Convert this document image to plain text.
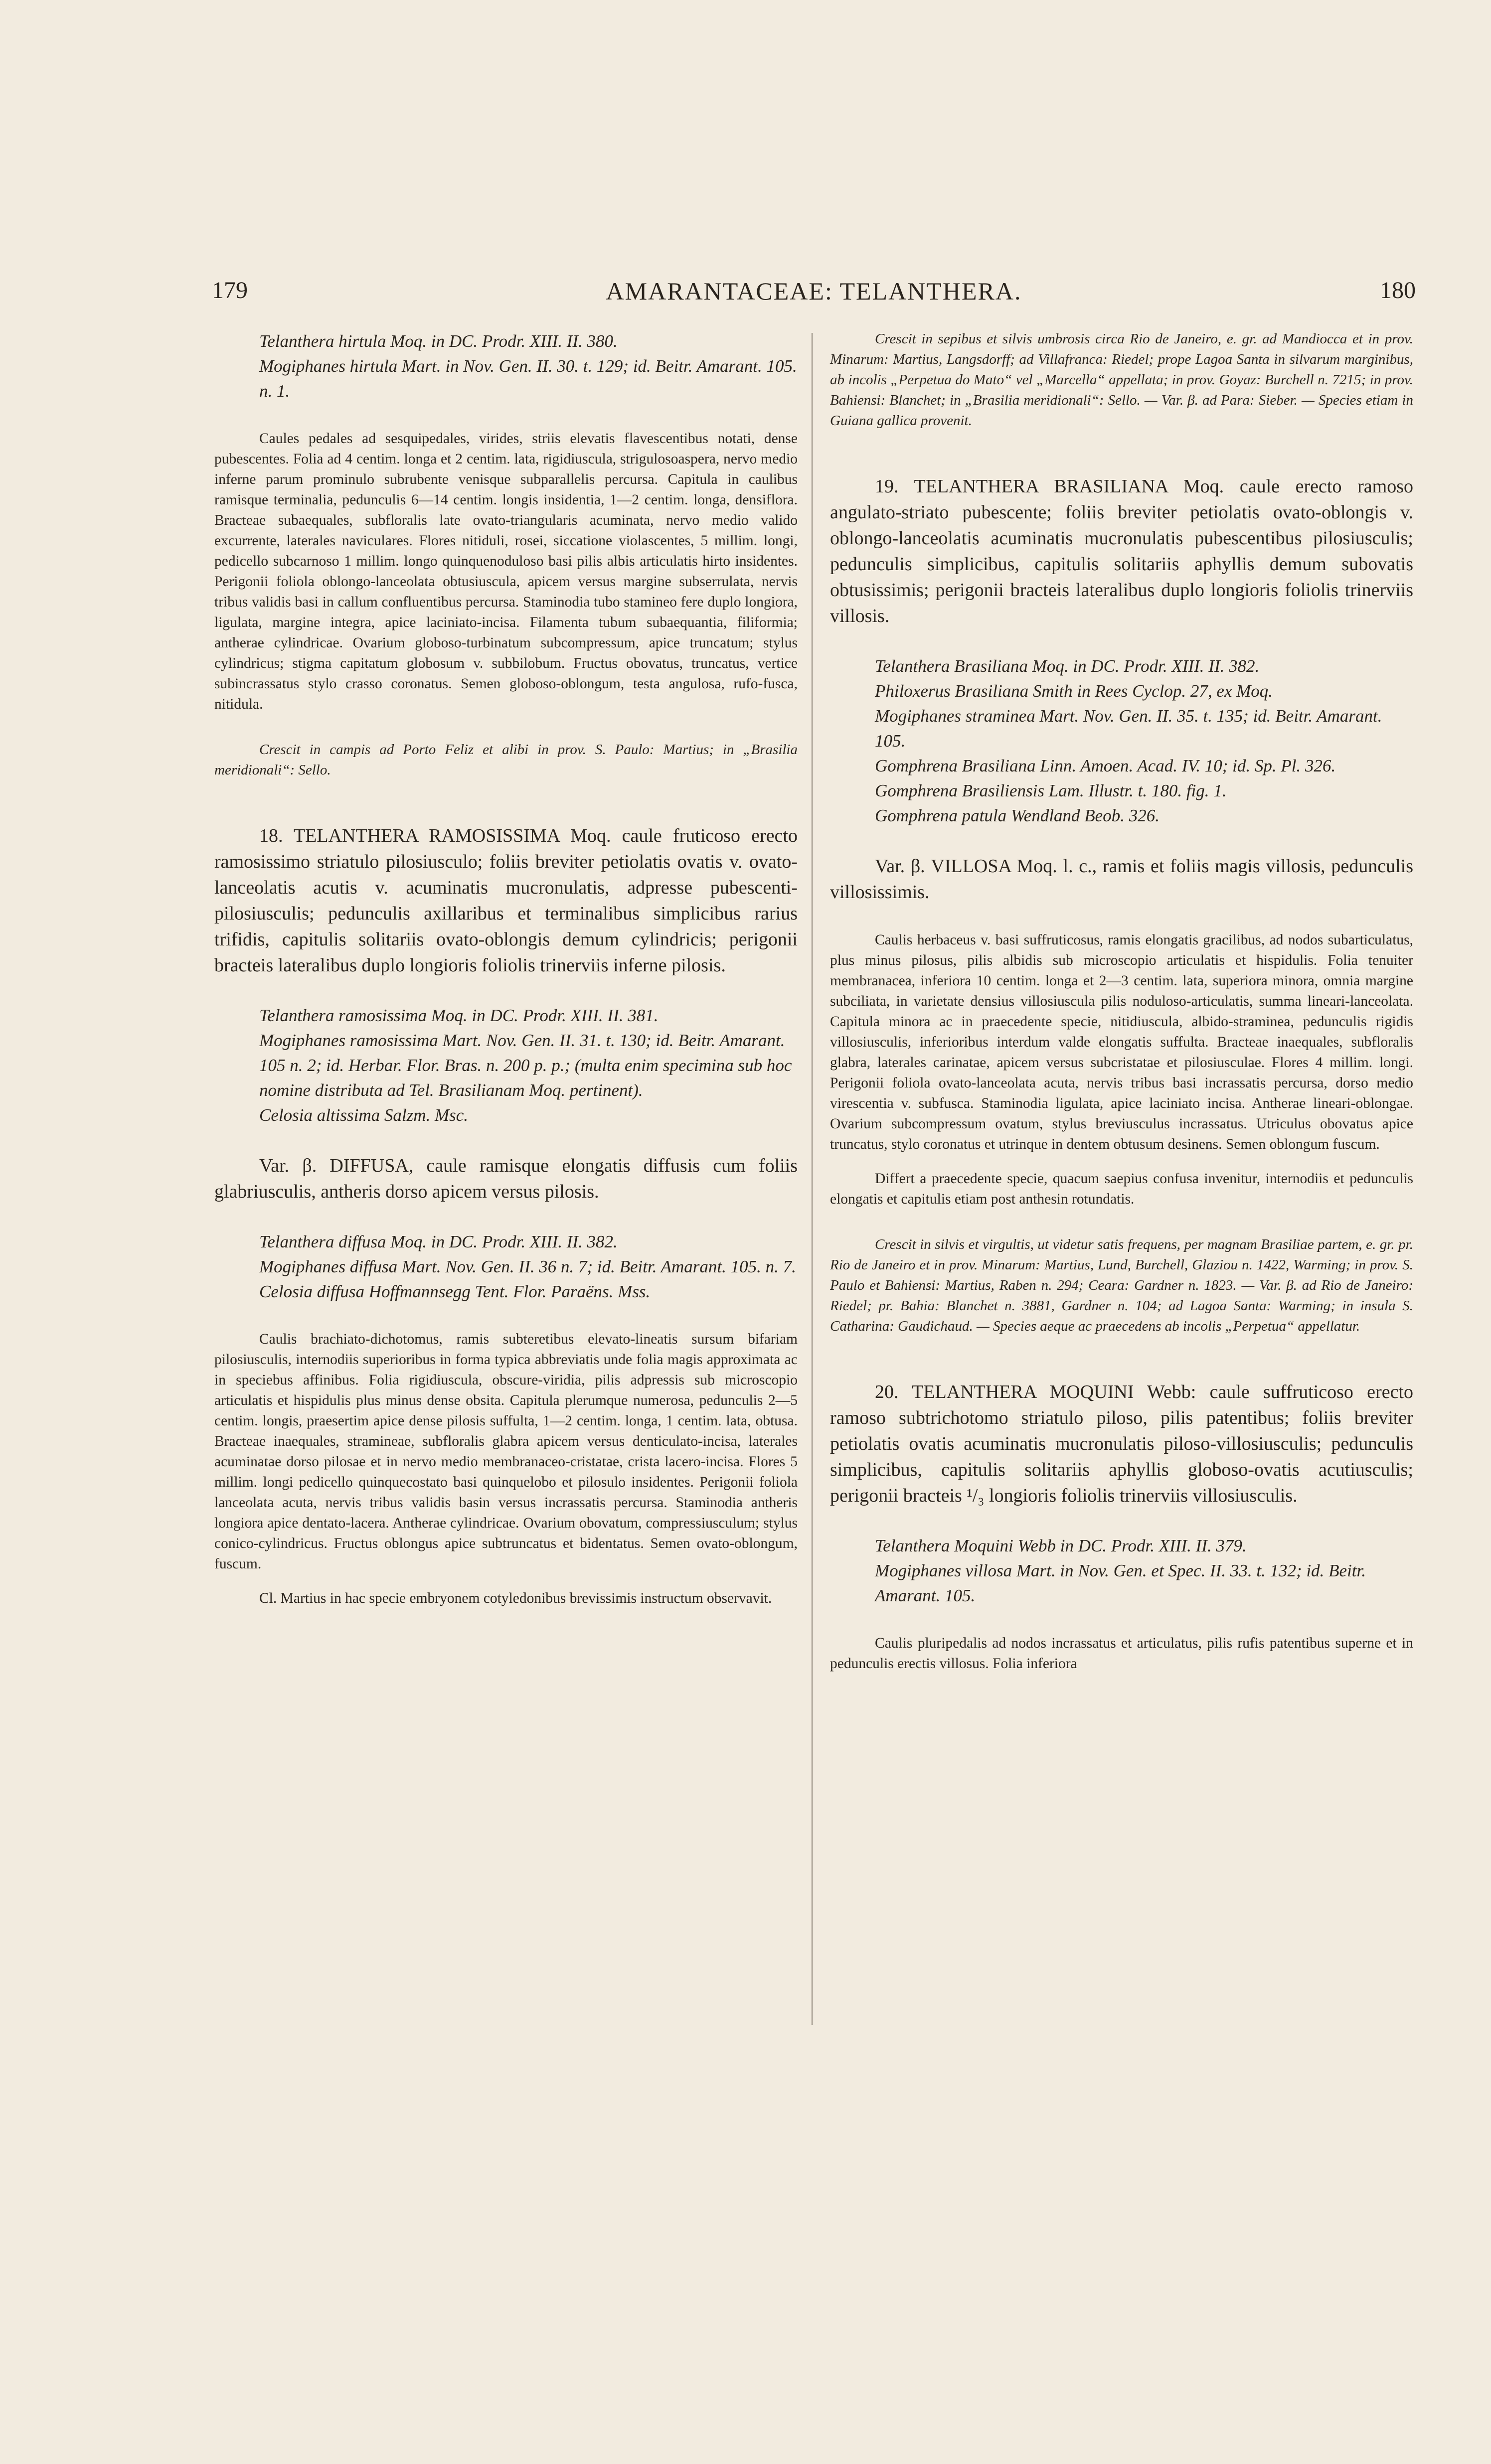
179	AMARANTACEAE: TELANTHERA.	180

Telanthera hirtula Moq. in DC. Prodr. XIII. II. 380.

Mogiphanes hirtula Mart. in Nov. Gen. II. 30. t. 129; id. Beitr. Amarant. 105. n. 1.

Caules pedales ad sesquipedales, virides, striis elevatis flavescentibus notati, dense pubescentes. Folia ad 4 centim. longa et 2 centim. lata, rigidiuscula, strigulosoaspera, nervo medio inferne parum prominulo subrubente venisque subparallelis percursa. Capitula in caulibus ramisque terminalia, pedunculis 6—14 centim. longis insidentia, 1—2 centim. longa, densiflora. Bracteae subaequales, subfloralis late ovato-triangularis acuminata, nervo medio valido excurrente, laterales naviculares. Flores nitiduli, rosei, siccatione violascentes, 5 millim. longi, pedicello subcarnoso 1 millim. longo quinquenoduloso basi pilis albis articulatis hirto insidentes. Perigonii foliola oblongo-lanceolata obtusiuscula, apicem versus margine subserrulata, nervis tribus validis basi in callum confluentibus percursa. Staminodia tubo stamineo fere duplo longiora, ligulata, margine integra, apice laciniato-incisa. Filamenta tubum subaequantia, filiformia; antherae cylindricae. Ovarium globoso-turbinatum subcompressum, apice truncatum; stylus cylindricus; stigma capitatum globosum v. subbilobum. Fructus obovatus, truncatus, vertice subincrassatus stylo crasso coronatus. Semen globoso-oblongum, testa angulosa, rufo-fusca, nitidula.

Crescit in campis ad Porto Feliz et alibi in prov. S. Paulo: Martius; in „Brasilia meridionali“: Sello.

18. TELANTHERA RAMOSISSIMA Moq. caule fruticoso erecto ramosissimo striatulo pilosiusculo; foliis breviter petiolatis ovatis v. ovato-lanceolatis acutis v. acuminatis mucronulatis, adpresse pubescenti-pilosiusculis; pedunculis axillaribus et terminalibus simplicibus rarius trifidis, capitulis solitariis ovato-oblongis demum cylindricis; perigonii bracteis lateralibus duplo longioris foliolis trinerviis inferne pilosis.

Telanthera ramosissima Moq. in DC. Prodr. XIII. II. 381.

Mogiphanes ramosissima Mart. Nov. Gen. II. 31. t. 130; id. Beitr. Amarant. 105 n. 2; id. Herbar. Flor. Bras. n. 200 p. p.; (multa enim specimina sub hoc nomine distributa ad Tel. Brasilianam Moq. pertinent).

Celosia altissima Salzm. Msc.

Var. β. DIFFUSA, caule ramisque elongatis diffusis cum foliis glabriusculis, antheris dorso apicem versus pilosis.

Telanthera diffusa Moq. in DC. Prodr. XIII. II. 382.

Mogiphanes diffusa Mart. Nov. Gen. II. 36 n. 7; id. Beitr. Amarant. 105. n. 7.

Celosia diffusa Hoffmannsegg Tent. Flor. Paraëns. Mss.

Caulis brachiato-dichotomus, ramis subteretibus elevato-lineatis sursum bifariam pilosiusculis, internodiis superioribus in forma typica abbreviatis unde folia magis approximata ac in speciebus affinibus. Folia rigidiuscula, obscure-viridia, pilis adpressis sub microscopio articulatis et hispidulis plus minus dense obsita. Capitula plerumque numerosa, pedunculis 2—5 centim. longis, praesertim apice dense pilosis suffulta, 1—2 centim. longa, 1 centim. lata, obtusa. Bracteae inaequales, stramineae, subfloralis glabra apicem versus denticulato-incisa, laterales acuminatae dorso pilosae et in nervo medio membranaceo-cristatae, crista lacero-incisa. Flores 5 millim. longi pedicello quinquecostato basi quinquelobo et pilosulo insidentes. Perigonii foliola lanceolata acuta, nervis tribus validis basin versus incrassatis percursa. Staminodia antheris longiora apice dentato-lacera. Antherae cylindricae. Ovarium obovatum, compressiusculum; stylus conico-cylindricus. Fructus oblongus apice subtruncatus et bidentatus. Semen ovato-oblongum, fuscum.

Cl. Martius in hac specie embryonem cotyledonibus brevissimis instructum observavit.

Crescit in sepibus et silvis umbrosis circa Rio de Janeiro, e. gr. ad Mandiocca et in prov. Minarum: Martius, Langsdorff; ad Villafranca: Riedel; prope Lagoa Santa in silvarum marginibus, ab incolis „Perpetua do Mato“ vel „Marcella“ appellata; in prov. Goyaz: Burchell n. 7215; in prov. Bahiensi: Blanchet; in „Brasilia meridionali“: Sello. — Var. β. ad Para: Sieber. — Species etiam in Guiana gallica provenit.

19. TELANTHERA BRASILIANA Moq. caule erecto ramoso angulato-striato pubescente; foliis breviter petiolatis ovato-oblongis v. oblongo-lanceolatis acuminatis mucronulatis pubescentibus pilosiusculis; pedunculis simplicibus, capitulis solitariis aphyllis demum subovatis obtusissimis; perigonii bracteis lateralibus duplo longioris foliolis trinerviis villosis.

Telanthera Brasiliana Moq. in DC. Prodr. XIII. II. 382.

Philoxerus Brasiliana Smith in Rees Cyclop. 27, ex Moq.

Mogiphanes straminea Mart. Nov. Gen. II. 35. t. 135; id. Beitr. Amarant. 105.

Gomphrena Brasiliana Linn. Amoen. Acad. IV. 10; id. Sp. Pl. 326.

Gomphrena Brasiliensis Lam. Illustr. t. 180. fig. 1.

Gomphrena patula Wendland Beob. 326.

Var. β. VILLOSA Moq. l. c., ramis et foliis magis villosis, pedunculis villosissimis.

Caulis herbaceus v. basi suffruticosus, ramis elongatis gracilibus, ad nodos subarticulatus, plus minus pilosus, pilis albidis sub microscopio articulatis et hispidulis. Folia tenuiter membranacea, inferiora 10 centim. longa et 2—3 centim. lata, superiora minora, omnia margine subciliata, in varietate densius villosiuscula pilis noduloso-articulatis, summa lineari-lanceolata. Capitula minora ac in praecedente specie, nitidiuscula, albido-straminea, pedunculis rigidis villosiusculis, inferioribus interdum valde elongatis suffulta. Bracteae inaequales, subfloralis glabra, laterales carinatae, apicem versus subcristatae et pilosiusculae. Flores 4 millim. longi. Perigonii foliola ovato-lanceolata acuta, nervis tribus basi incrassatis percursa, dorso medio virescentia v. subfusca. Staminodia ligulata, apice laciniato incisa. Antherae lineari-oblongae. Ovarium subcompressum ovatum, stylus breviusculus incrassatus. Utriculus obovatus apice truncatus, stylo coronatus et utrinque in dentem obtusum desinens. Semen oblongum fuscum.

Differt a praecedente specie, quacum saepius confusa invenitur, internodiis et pedunculis elongatis et capitulis etiam post anthesin rotundatis.

Crescit in silvis et virgultis, ut videtur satis frequens, per magnam Brasiliae partem, e. gr. pr. Rio de Janeiro et in prov. Minarum: Martius, Lund, Burchell, Glaziou n. 1422, Warming; in prov. S. Paulo et Bahiensi: Martius, Raben n. 294; Ceara: Gardner n. 1823. — Var. β. ad Rio de Janeiro: Riedel; pr. Bahia: Blanchet n. 3881, Gardner n. 104; ad Lagoa Santa: Warming; in insula S. Catharina: Gaudichaud. — Species aeque ac praecedens ab incolis „Perpetua“ appellatur.

20. TELANTHERA MOQUINI Webb: caule suffruticoso erecto ramoso subtrichotomo striatulo piloso, pilis patentibus; foliis breviter petiolatis ovatis acuminatis mucronulatis piloso-villosiusculis; pedunculis simplicibus, capitulis solitariis aphyllis globoso-ovatis acutiusculis; perigonii bracteis ¹/₃ longioris foliolis trinerviis villosiusculis.

Telanthera Moquini Webb in DC. Prodr. XIII. II. 379.

Mogiphanes villosa Mart. in Nov. Gen. et Spec. II. 33. t. 132; id. Beitr. Amarant. 105.

Caulis pluripedalis ad nodos incrassatus et articulatus, pilis rufis patentibus superne et in pedunculis erectis villosus. Folia inferiora
